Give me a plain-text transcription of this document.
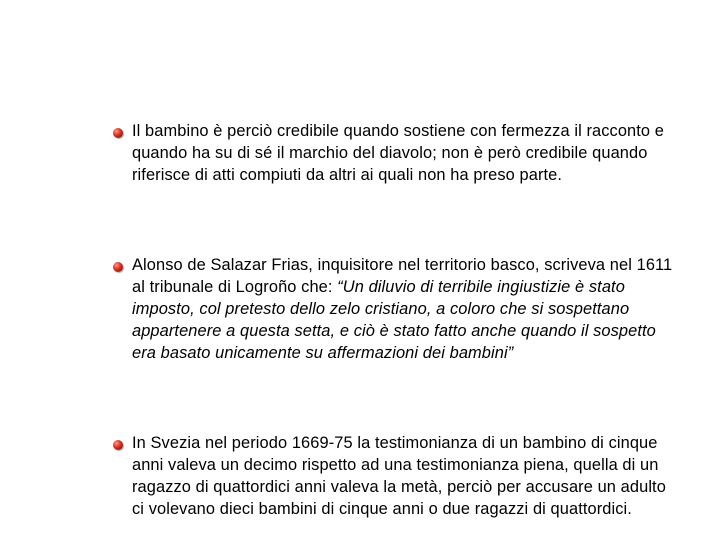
Il bambino è perciò credibile quando sostiene con fermezza il racconto e quando ha su di sé il marchio del diavolo; non è però credibile quando riferisce di atti compiuti da altri ai quali non ha preso parte.
Alonso de Salazar Frias, inquisitore nel territorio basco, scriveva nel 1611 al tribunale di Logroño che: “Un diluvio di terribile ingiustizie è stato imposto, col pretesto dello zelo cristiano, a coloro che si sospettano appartenere a questa setta, e ciò è stato fatto anche quando il sospetto era basato unicamente su affermazioni dei bambini”
In Svezia nel periodo 1669-75 la testimonianza di un bambino di cinque anni valeva un decimo rispetto ad una testimonianza piena, quella di un ragazzo di quattordici anni valeva la metà, perciò per accusare un adulto ci volevano dieci bambini di cinque anni o due ragazzi di quattordici.
